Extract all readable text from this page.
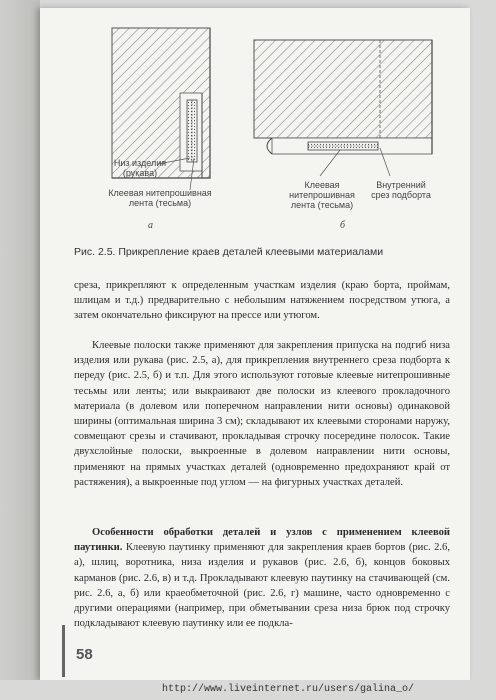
Низ изделия
(рукава)
Клеевая нитепрошивная
лента (тесьма)
а
Клеевая
нитепрошивная
лента (тесьма)
Внутренний
срез подборта
б
Рис. 2.5. Прикрепление краев деталей клеевыми материалами

среза, прикрепляют к определенным участкам изделия (краю борта, проймам, шлицам и т.д.) предварительно с небольшим натяжением посредством утюга, а затем окончательно фиксируют на прессе или утюгом.

Клеевые полоски также применяют для закрепления припуска на подгиб низа изделия или рукава (рис. 2.5, а), для прикрепления внутреннего среза подборта к переду (рис. 2.5, б) и т.п. Для этого используют готовые клеевые нитепрошивные тесьмы или ленты; или выкраивают две полоски из клеевого прокладочного материала (в долевом или поперечном направлении нити основы) одинаковой ширины (оптимальная ширина 3 см); складывают их клеевыми сторонами наружу, совмещают срезы и стачивают, прокладывая строчку посередине полосок. Такие двухслойные полоски, выкроенные в долевом направлении нити основы, применяют на прямых участках деталей (одновременно предохраняют край от растяжения), а выкроенные под углом — на фигурных участках деталей.

Особенности обработки деталей и узлов с применением клеевой паутинки. Клеевую паутинку применяют для закрепления краев бортов (рис. 2.6, а), шлиц, воротника, низа изделия и рукавов (рис. 2.6, б), концов боковых карманов (рис. 2.6, в) и т.д. Прокладывают клеевую паутинку на стачивающей (см. рис. 2.6, а, б) или краеобметочной (рис. 2.6, г) машине, часто одновременно с другими операциями (например, при обметывании среза низа брюк под строчку подкладывают клеевую паутинку или ее подкла-

58
http://www.liveinternet.ru/users/galina_o/
